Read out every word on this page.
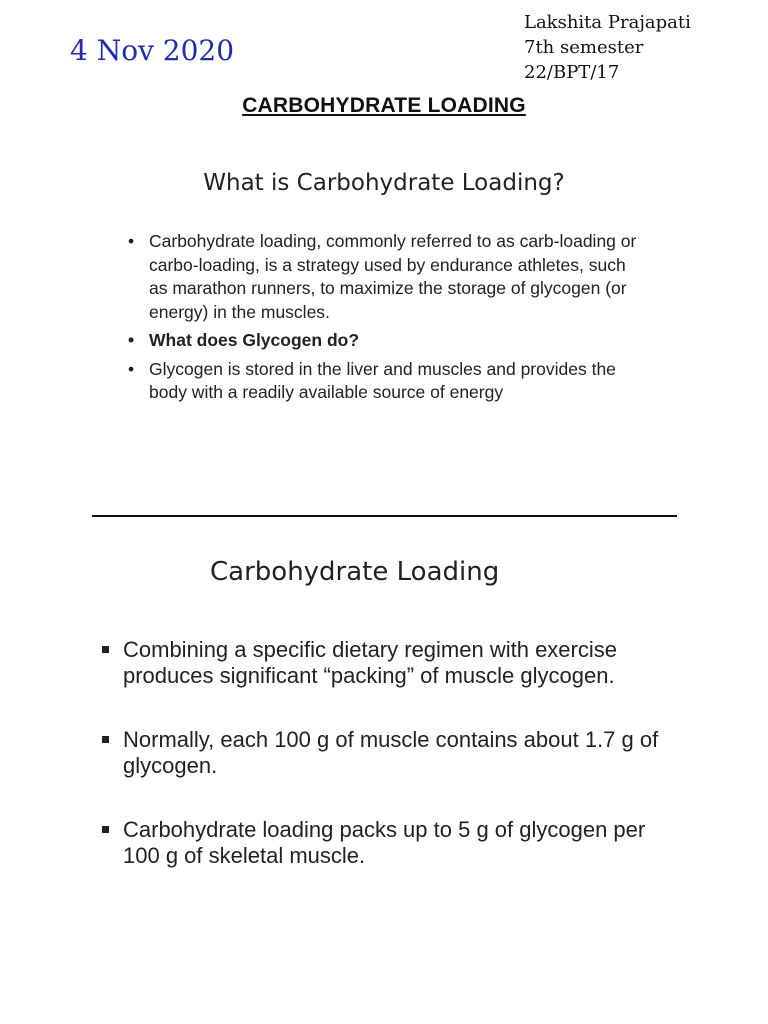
4 Nov 2020
Lakshita Prajapati
7th semester
22/BPT/17
CARBOHYDRATE LOADING
What is Carbohydrate Loading?
• Carbohydrate loading, commonly referred to as carb-loading or carbo-loading, is a strategy used by endurance athletes, such as marathon runners, to maximize the storage of glycogen (or energy) in the muscles.
• What does Glycogen do?
• Glycogen is stored in the liver and muscles and provides the body with a readily available source of energy
Carbohydrate Loading
Combining a specific dietary regimen with exercise produces significant “packing” of muscle glycogen.
Normally, each 100 g of muscle contains about 1.7 g of glycogen.
Carbohydrate loading packs up to 5 g of glycogen per 100 g of skeletal muscle.
